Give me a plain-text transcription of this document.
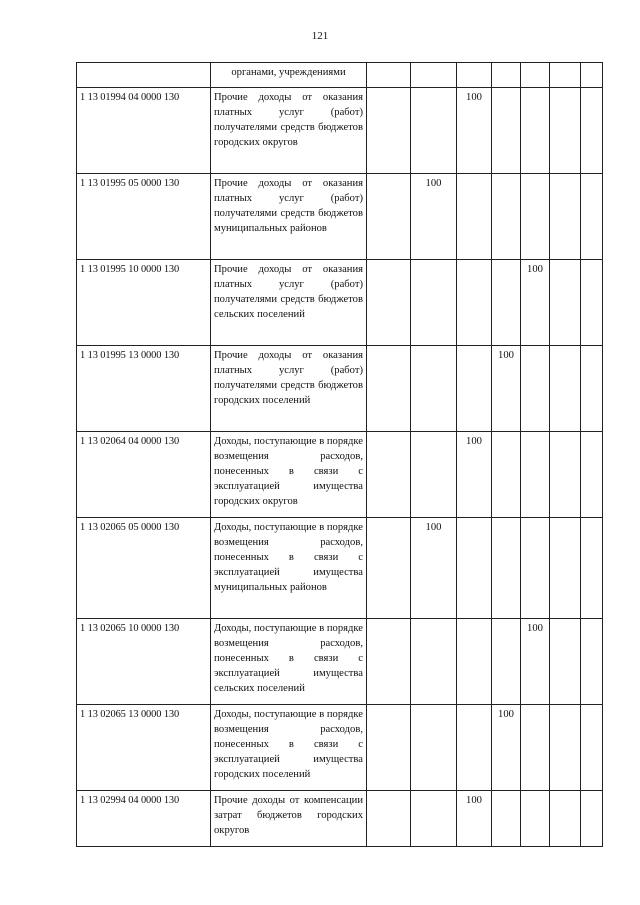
121
	органами, учреждениями							
1 13 01994 04 0000 130	Прочие доходы от оказания платных услуг (работ) получателями средств бюджетов городских округов			100				
1 13 01995 05 0000 130	Прочие доходы от оказания платных услуг (работ) получателями средств бюджетов муниципальных районов		100					
1 13 01995 10 0000 130	Прочие доходы от оказания платных услуг (работ) получателями средств бюджетов сельских поселений					100		
1 13 01995 13 0000 130	Прочие доходы от оказания платных услуг (работ) получателями средств бюджетов городских поселений				100			
1 13 02064 04 0000 130	Доходы, поступающие в порядке возмещения расходов, понесенных в связи с эксплуатацией имущества городских округов			100				
1 13 02065 05 0000 130	Доходы, поступающие в порядке возмещения расходов, понесенных в связи с эксплуатацией имущества муниципальных районов		100					
1 13 02065 10 0000 130	Доходы, поступающие в порядке возмещения расходов, понесенных в связи с эксплуатацией имущества сельских поселений					100		
1 13 02065 13 0000 130	Доходы, поступающие в порядке возмещения расходов, понесенных в связи с эксплуатацией имущества городских поселений				100			
1 13 02994 04 0000 130	Прочие доходы от компенсации затрат бюджетов городских округов			100				
